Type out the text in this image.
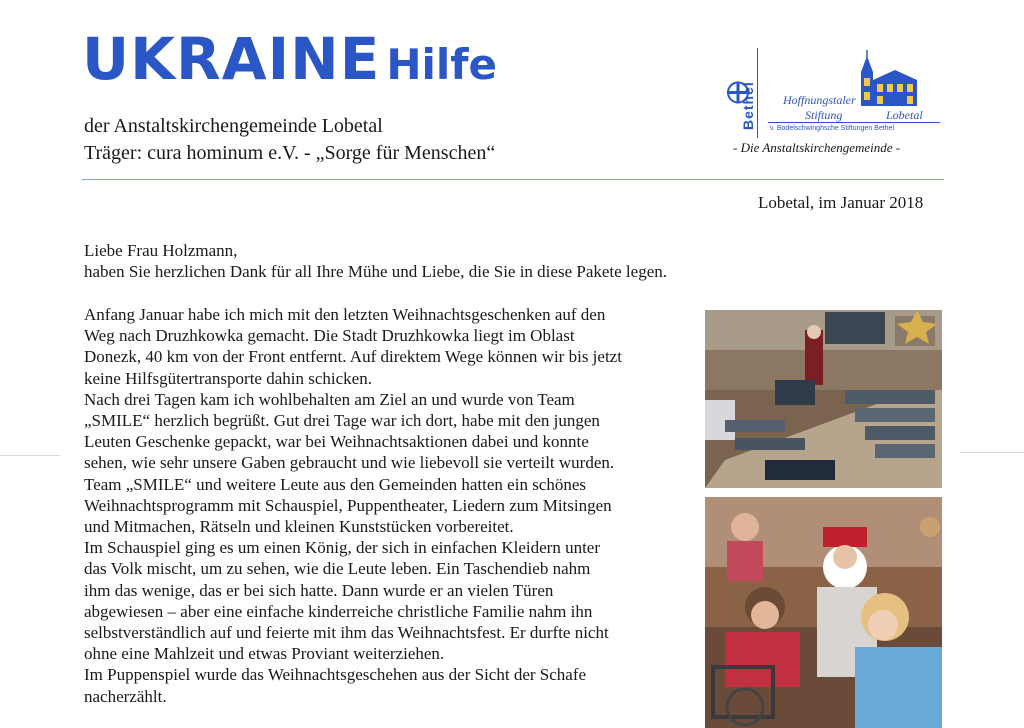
UKRAINE Hilfe
der Anstaltskirchengemeinde Lobetal
Träger: cura hominum e.V. - „Sorge für Menschen“
Bethel Hoffnungstaler
Stiftung	Lobetal
v. Bodelschwinghsche Stiftungen Bethel
- Die Anstaltskirchengemeinde -
Lobetal, im Januar 2018
Liebe Frau Holzmann,
haben Sie herzlichen Dank für all Ihre Mühe und Liebe, die Sie in diese Pakete legen.
Anfang Januar habe ich mich mit den letzten Weihnachtsgeschenken auf den
Weg nach Druzhkowka gemacht. Die Stadt Druzhkowka liegt im Oblast
Donezk, 40 km von der Front entfernt. Auf direktem Wege können wir bis jetzt
keine Hilfsgütertransporte dahin schicken.
Nach drei Tagen kam ich wohlbehalten am Ziel an und wurde von Team
„SMILE“ herzlich begrüßt. Gut drei Tage war ich dort, habe mit den jungen
Leuten Geschenke gepackt, war bei Weihnachtsaktionen dabei und konnte
sehen, wie sehr unsere Gaben gebraucht und wie liebevoll sie verteilt wurden.
Team „SMILE“ und weitere Leute aus den Gemeinden hatten ein schönes
Weihnachtsprogramm mit Schauspiel, Puppentheater, Liedern zum Mitsingen
und Mitmachen, Rätseln und kleinen Kunststücken vorbereitet.
Im Schauspiel ging es um einen König, der sich in einfachen Kleidern unter
das Volk mischt, um zu sehen, wie die Leute leben. Ein Taschendieb nahm
ihm das wenige, das er bei sich hatte. Dann wurde er an vielen Türen
abgewiesen – aber eine einfache kinderreiche christliche Familie nahm ihn
selbstverständlich auf und feierte mit ihm das Weihnachtsfest. Er durfte nicht
ohne eine Mahlzeit und etwas Proviant weiterziehen.
Im Puppenspiel wurde das Weihnachtsgeschehen aus der Sicht der Schafe
nacherzählt.
